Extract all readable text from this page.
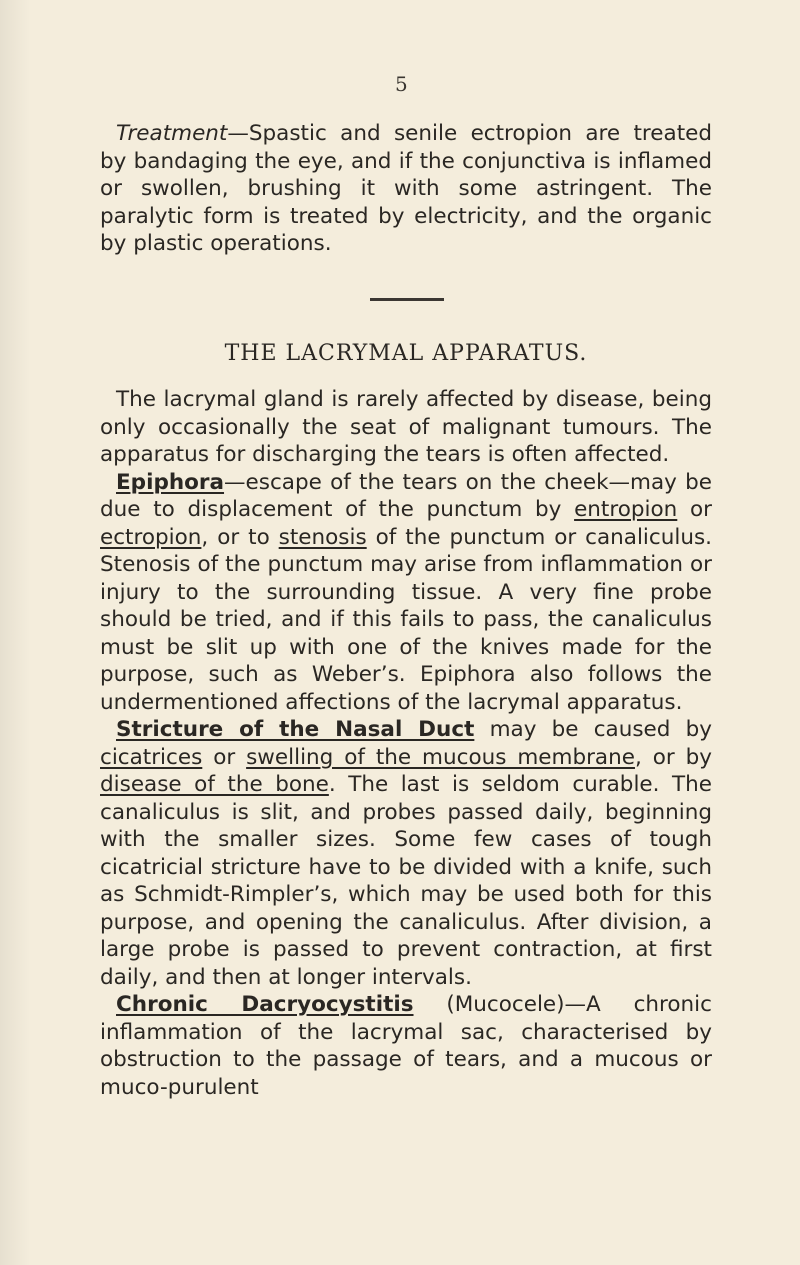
5

Treatment—Spastic and senile ectropion are treated by bandaging the eye, and if the conjunctiva is inflamed or swollen, brushing it with some astringent. The paralytic form is treated by electricity, and the organic by plastic operations.

THE LACRYMAL APPARATUS.

The lacrymal gland is rarely affected by disease, being only occasionally the seat of malignant tumours. The apparatus for discharging the tears is often affected.

Epiphora—escape of the tears on the cheek—may be due to displacement of the punctum by entropion or ectropion, or to stenosis of the punctum or canaliculus. Stenosis of the punctum may arise from inflammation or injury to the surrounding tissue. A very fine probe should be tried, and if this fails to pass, the canaliculus must be slit up with one of the knives made for the purpose, such as Weber’s. Epiphora also follows the undermentioned affections of the lacrymal apparatus.

Stricture of the Nasal Duct may be caused by cicatrices or swelling of the mucous membrane, or by disease of the bone. The last is seldom curable. The canaliculus is slit, and probes passed daily, beginning with the smaller sizes. Some few cases of tough cicatricial stricture have to be divided with a knife, such as Schmidt-Rimpler’s, which may be used both for this purpose, and opening the canaliculus. After division, a large probe is passed to prevent contraction, at first daily, and then at longer intervals.

Chronic Dacryocystitis (Mucocele)—A chronic inflammation of the lacrymal sac, characterised by obstruction to the passage of tears, and a mucous or muco-purulent
